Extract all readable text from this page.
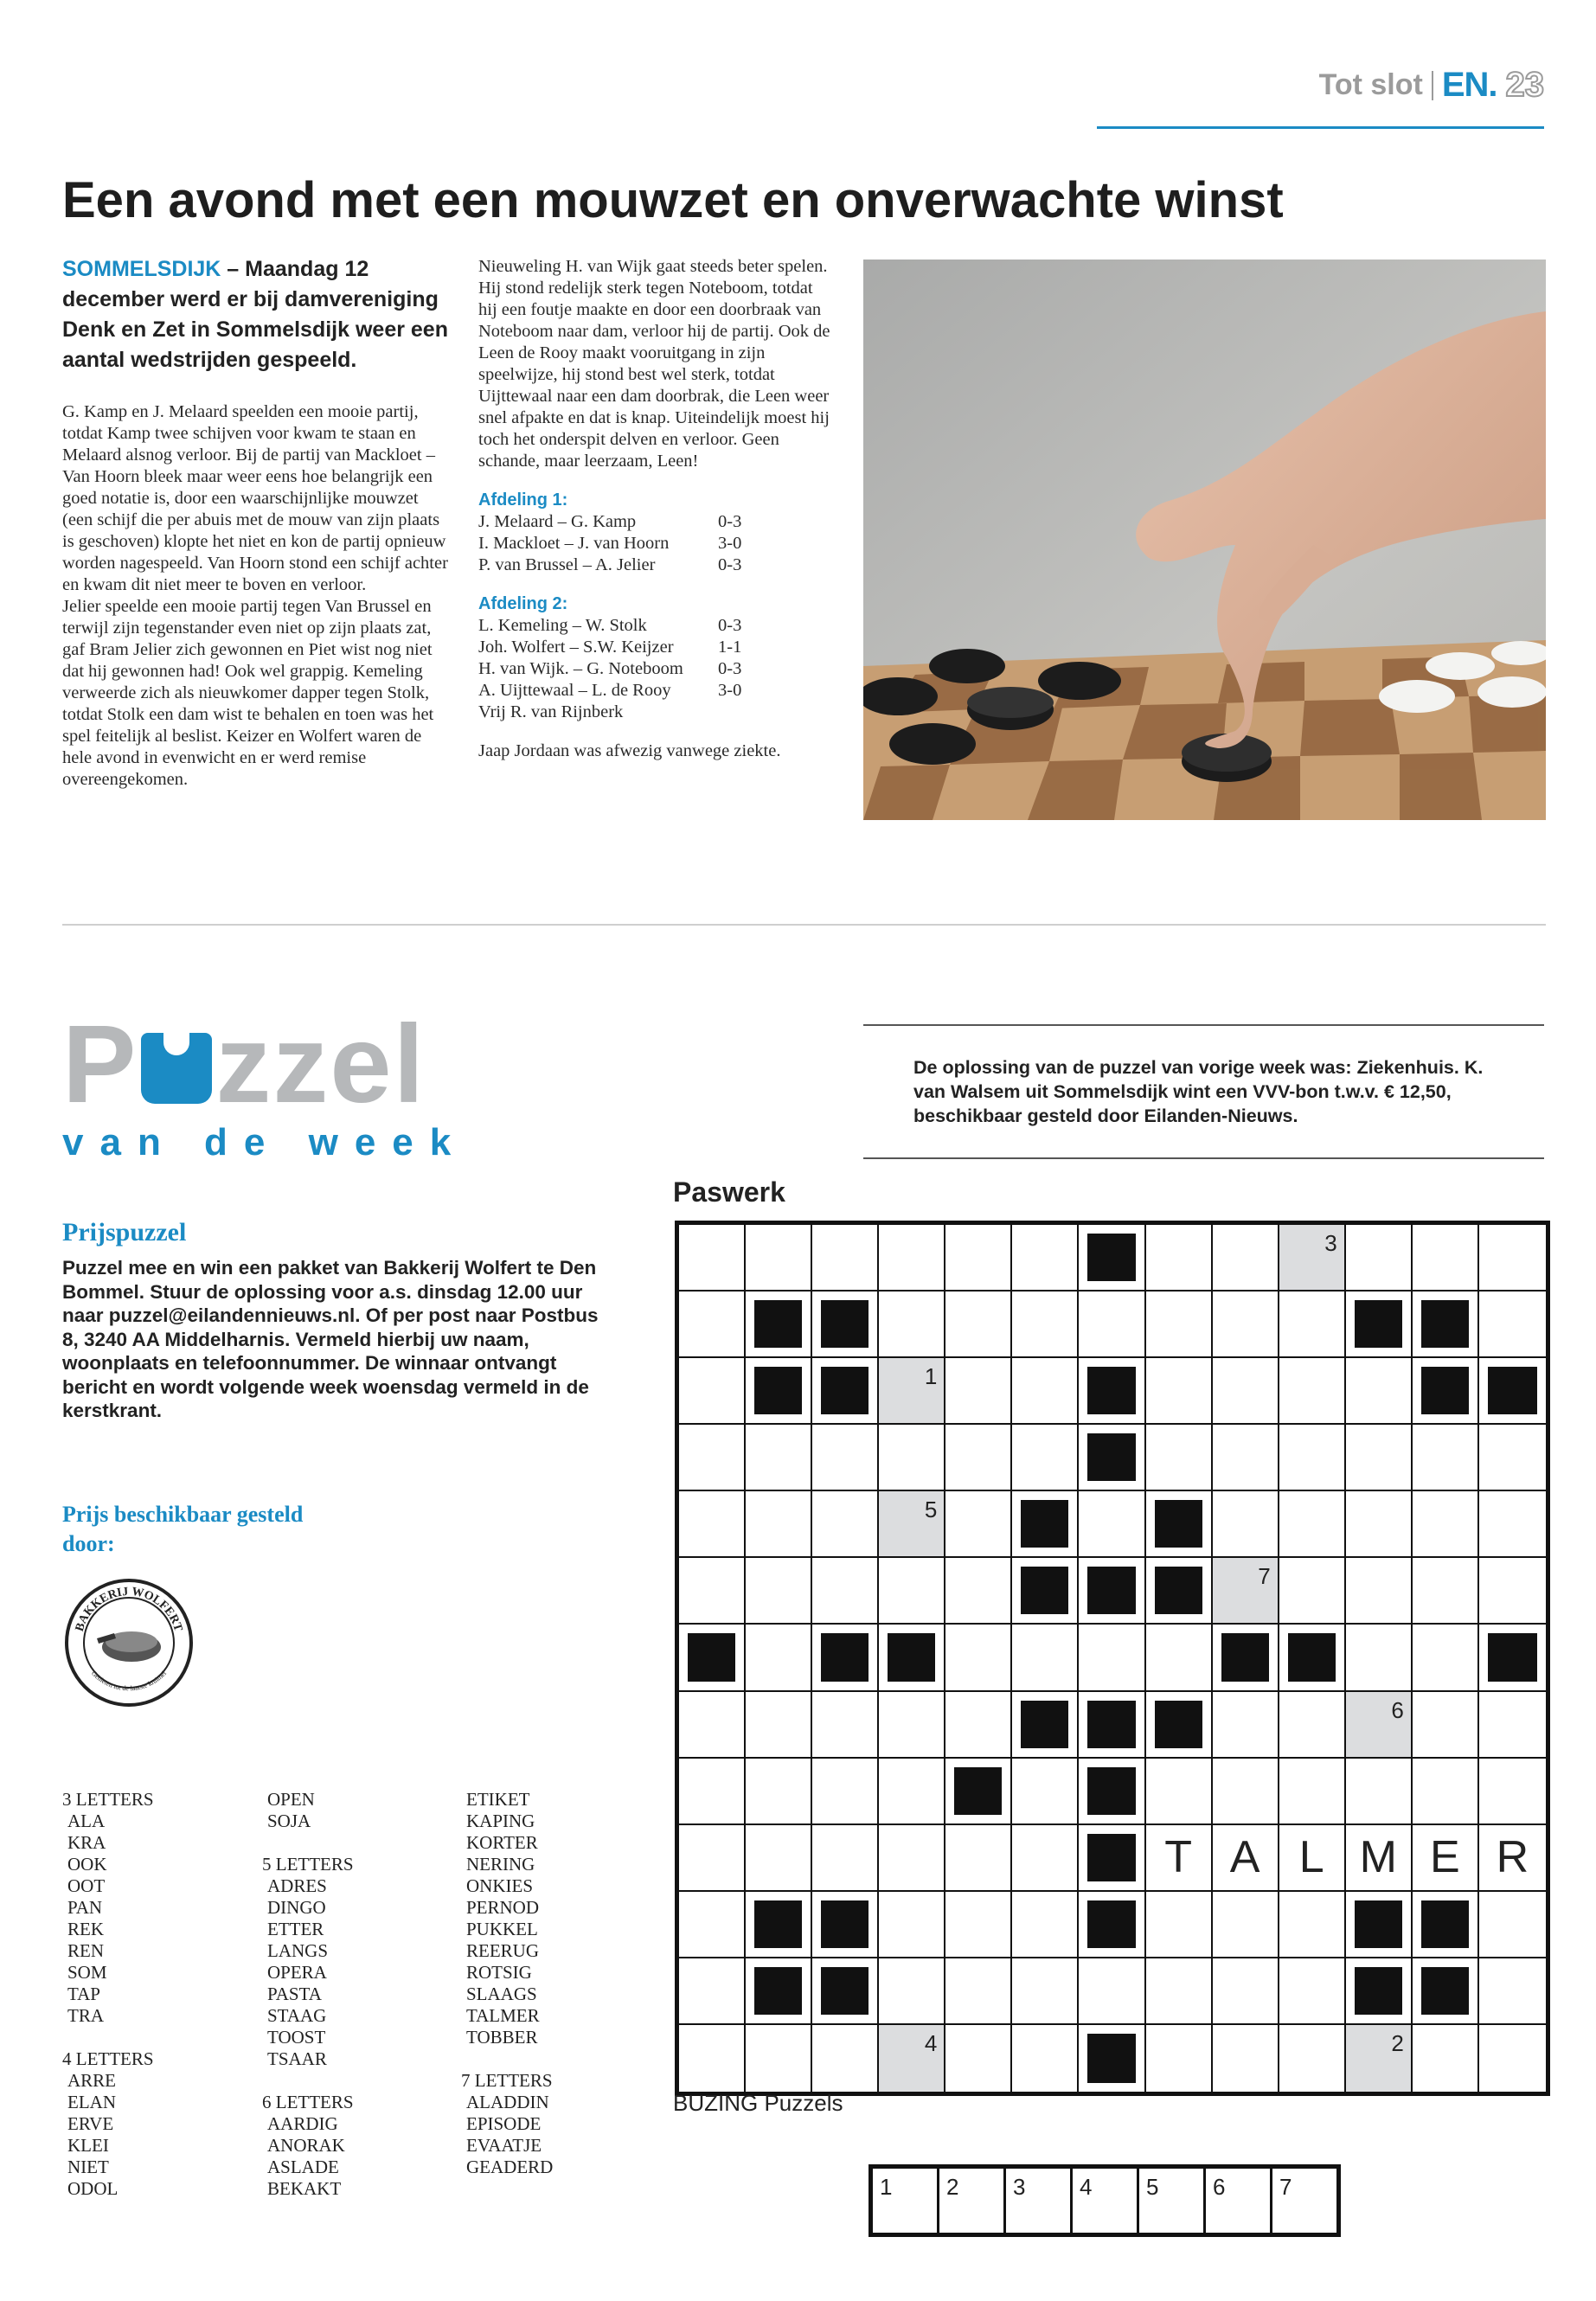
Tot slot EN. 23
Een avond met een mouwzet en onverwachte winst
SOMMELSDIJK – Maandag 12 december werd er bij damvereniging Denk en Zet in Sommelsdijk weer een aantal wedstrijden gespeeld.
G. Kamp en J. Melaard speelden een mooie partij, totdat Kamp twee schijven voor kwam te staan en Melaard alsnog verloor. Bij de partij van Mackloet – Van Hoorn bleek maar weer eens hoe belangrijk een goed notatie is, door een waarschijnlijke mouwzet (een schijf die per abuis met de mouw van zijn plaats is geschoven) klopte het niet en kon de partij opnieuw worden nagespeeld. Van Hoorn stond een schijf achter en kwam dit niet meer te boven en verloor.
Jelier speelde een mooie partij tegen Van Brussel en terwijl zijn tegenstander even niet op zijn plaats zat, gaf Bram Jelier zich gewonnen en Piet wist nog niet dat hij gewonnen had! Ook wel grappig. Kemeling verweerde zich als nieuwkomer dapper tegen Stolk, totdat Stolk een dam wist te behalen en toen was het spel feitelijk al beslist. Keizer en Wolfert waren de hele avond in evenwicht en er werd remise overeengekomen.
Nieuweling H. van Wijk gaat steeds beter spelen. Hij stond redelijk sterk tegen Noteboom, totdat hij een foutje maakte en door een doorbraak van Noteboom naar dam, verloor hij de partij. Ook de Leen de Rooy maakt vooruitgang in zijn speelwijze, hij stond best wel sterk, totdat Uijttewaal naar een dam doorbrak, die Leen weer snel afpakte en dat is knap. Uiteindelijk moest hij toch het onderspit delven en verloor. Geen schande, maar leerzaam, Leen!
Afdeling 1:
J. Melaard – G. Kamp	0-3
I. Mackloet – J. van Hoorn	3-0
P. van Brussel – A. Jelier	0-3
Afdeling 2:
L. Kemeling – W. Stolk	0-3
Joh. Wolfert – S.W. Keijzer	1-1
H. van Wijk. – G. Noteboom	0-3
A. Uijttewaal – L. de Rooy	3-0
Vrij R. van Rijnberk
Jaap Jordaan was afwezig vanwege ziekte.
P zzel
van de week
Prijspuzzel
Puzzel mee en win een pakket van Bakkerij Wolfert te Den Bommel. Stuur de oplossing voor a.s. dinsdag 12.00 uur naar puzzel@eilandennieuws.nl. Of per post naar Postbus 8, 3240 AA Middelharnis. Vermeld hierbij uw naam, woonplaats en telefoonnummer. De winnaar ontvangt bericht en wordt volgende week woensdag vermeld in de kerstkrant.
Prijs beschikbaar gesteld door:
BAKKERIJ WOLFERT
Genieten tot de laatste kruimel
3 LETTERS
ALA
KRA
OOK
OOT
PAN
REK
REN
SOM
TAP
TRA
4 LETTERS
ARRE
ELAN
ERVE
KLEI
NIET
ODOL
OPEN
SOJA
5 LETTERS
ADRES
DINGO
ETTER
LANGS
OPERA
PASTA
STAAG
TOOST
TSAAR
6 LETTERS
AARDIG
ANORAK
ASLADE
BEKAKT
ETIKET
KAPING
KORTER
NERING
ONKIES
PERNOD
PUKKEL
REERUG
ROTSIG
SLAAGS
TALMER
TOBBER
7 LETTERS
ALADDIN
EPISODE
EVAATJE
GEADERD
De oplossing van de puzzel van vorige week was: Ziekenhuis. K. van Walsem uit Sommelsdijk wint een VVV-bon t.w.v. € 12,50, beschikbaar gesteld door Eilanden-Nieuws.
Paswerk
3
1
5
7
6
T A L M E R
4	2
BUZING Puzzels
1 2 3 4 5 6 7
